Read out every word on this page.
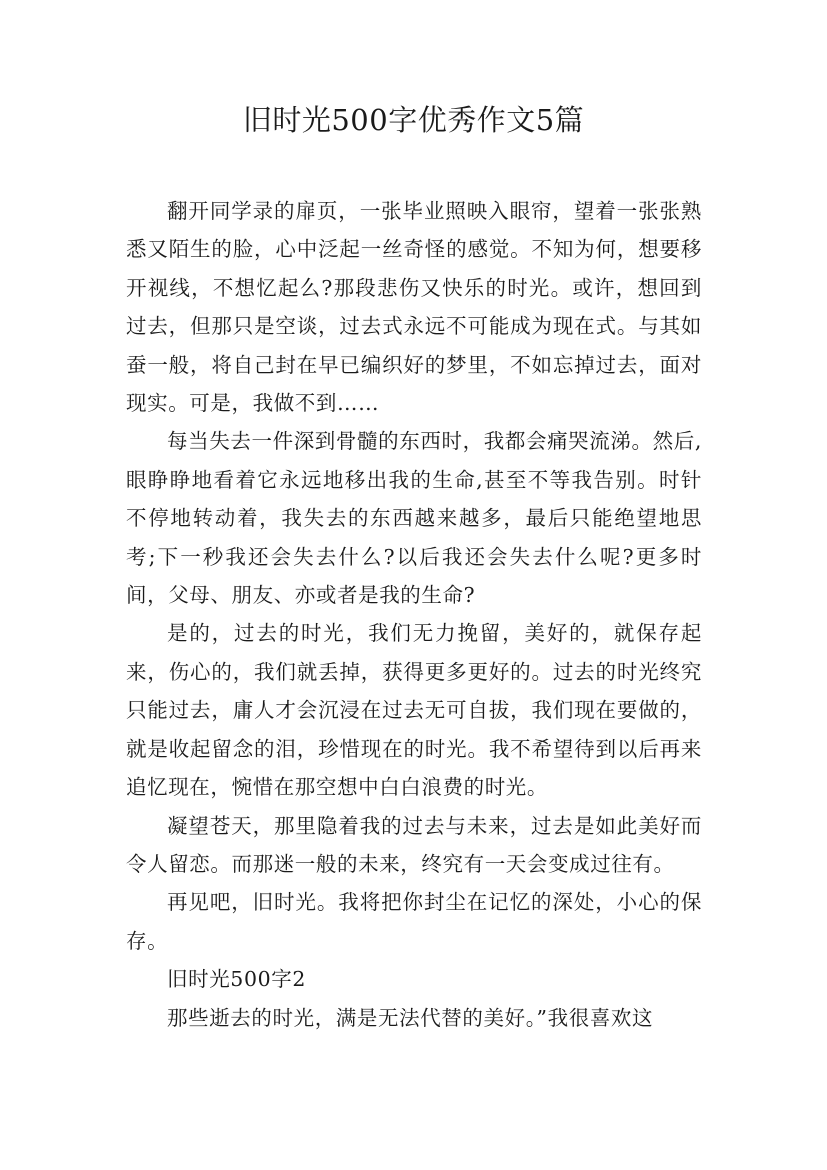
旧时光500字优秀作文5篇

翻开同学录的扉页，一张毕业照映入眼帘，望着一张张熟悉又陌生的脸，心中泛起一丝奇怪的感觉。不知为何，想要移开视线，不想忆起么?那段悲伤又快乐的时光。或许，想回到过去，但那只是空谈，过去式永远不可能成为现在式。与其如蚕一般，将自己封在早已编织好的梦里，不如忘掉过去，面对现实。可是，我做不到……

每当失去一件深到骨髓的东西时，我都会痛哭流涕。然后,眼睁睁地看着它永远地移出我的生命,甚至不等我告别。时针不停地转动着，我失去的东西越来越多，最后只能绝望地思考;下一秒我还会失去什么?以后我还会失去什么呢?更多时间，父母、朋友、亦或者是我的生命?

是的，过去的时光，我们无力挽留，美好的，就保存起来，伤心的，我们就丢掉，获得更多更好的。过去的时光终究只能过去，庸人才会沉浸在过去无可自拔，我们现在要做的，就是收起留念的泪，珍惜现在的时光。我不希望待到以后再来追忆现在，惋惜在那空想中白白浪费的时光。

凝望苍天，那里隐着我的过去与未来，过去是如此美好而令人留恋。而那迷一般的未来，终究有一天会变成过往有。

再见吧，旧时光。我将把你封尘在记忆的深处，小心的保存。

旧时光500字2

那些逝去的时光，满是无法代替的美好。”我很喜欢这
